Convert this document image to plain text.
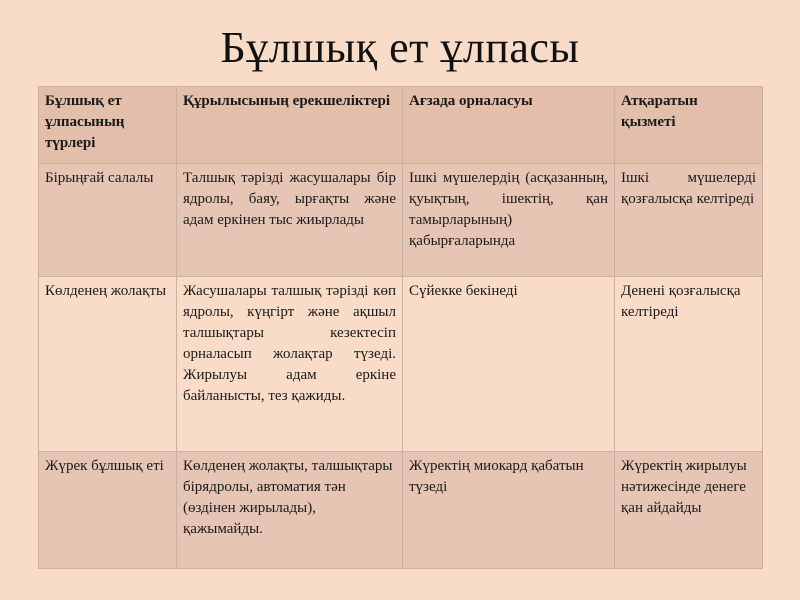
Бұлшық ет ұлпасы
Бұлшық ет ұлпасының түрлері	Құрылысының ерекшеліктері	Ағзада орналасуы	Атқаратын қызметі
Бірыңғай салалы	Талшық тәрізді жасушалары бір ядролы, баяу, ырғақты және адам еркінен тыс жиырлады	Ішкі мүшелердің (асқазанның, қуықтың, ішектің, қан тамырларының) қабырғаларында	Ішкі мүшелерді қозғалысқа келтіреді
Көлденең жолақты	Жасушалары талшық тәрізді көп ядролы, күңгірт және ақшыл талшықтары кезектесіп орналасып жолақтар түзеді. Жирылуы адам еркіне байланысты, тез қажиды.	Сүйекке бекінеді	Денені қозғалысқа келтіреді
Жүрек бұлшық еті	Көлденең жолақты, талшықтары бірядролы, автоматия тән (өздінен жирылады), қажымайды.	Жүректің миокард қабатын түзеді	Жүректің жирылуы нәтижесінде денеге қан айдайды
